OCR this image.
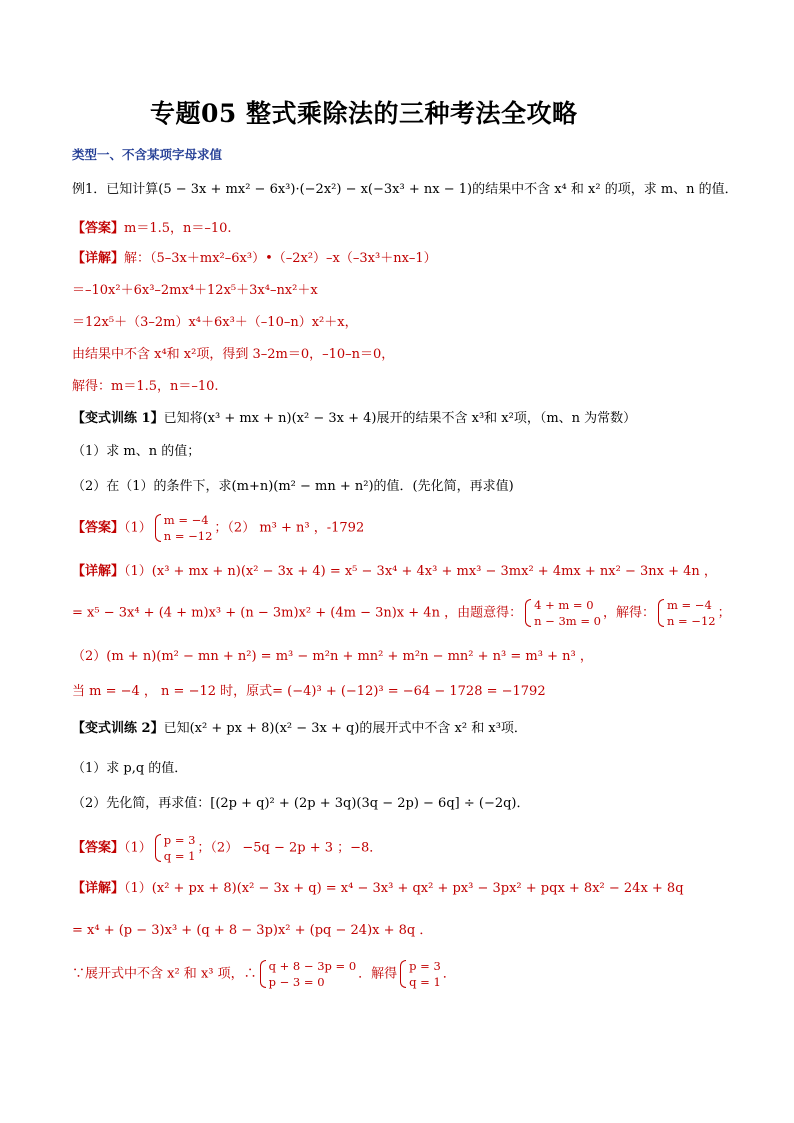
专题05 整式乘除法的三种考法全攻略
类型一、不含某项字母求值
例1．已知计算(5 − 3x + mx² − 6x³)·(−2x²) − x(−3x³ + nx − 1)的结果中不含 x⁴ 和 x² 的项，求 m、n 的值．
【答案】m＝1.5，n＝–10.
【详解】解：（5–3x＋mx²–6x³）•（–2x²）–x（–3x³＋nx–1）
＝–10x²＋6x³–2mx⁴＋12x⁵＋3x⁴–nx²＋x
＝12x⁵＋（3–2m）x⁴＋6x³＋（–10–n）x²＋x，
由结果中不含 x⁴和 x²项，得到 3–2m＝0，–10–n＝0，
解得：m＝1.5，n＝–10.
【变式训练 1】已知将(x³ + mx + n)(x² − 3x + 4)展开的结果不含 x³和 x²项，（m、n 为常数）
（1）求 m、n 的值；
（2）在（1）的条件下，求(m+n)(m² − mn + n²)的值．(先化简，再求值)
【答案】（1）
m = −4
n = −12
；（2） m³ + n³ ，-1792
【详解】（1）(x³ + mx + n)(x² − 3x + 4) = x⁵ − 3x⁴ + 4x³ + mx³ − 3mx² + 4mx + nx² − 3nx + 4n ，
= x⁵ − 3x⁴ + (4 + m)x³ + (n − 3m)x² + (4m − 3n)x + 4n ，由题意得：
4 + m = 0
n − 3m = 0
，解得：
m = −4
n = −12
；
（2）(m + n)(m² − mn + n²) = m³ − m²n + mn² + m²n − mn² + n³ = m³ + n³ ，
当 m = −4 ， n = −12 时，原式= (−4)³ + (−12)³ = −64 − 1728 = −1792
【变式训练 2】已知(x² + px + 8)(x² − 3x + q)的展开式中不含 x² 和 x³项．
（1）求 p,q 的值．
（2）先化简，再求值：[(2p + q)² + (2p + 3q)(3q − 2p) − 6q] ÷ (−2q)．
【答案】（1）
p = 3
q = 1
；（2） −5q − 2p + 3 ；−8．
【详解】（1）(x² + px + 8)(x² − 3x + q) = x⁴ − 3x³ + qx² + px³ − 3px² + pqx + 8x² − 24x + 8q
= x⁴ + (p − 3)x³ + (q + 8 − 3p)x² + (pq − 24)x + 8q ．
∵展开式中不含 x² 和 x³ 项，∴
q + 8 − 3p = 0
p − 3 = 0
．解得
p = 3
q = 1
．
